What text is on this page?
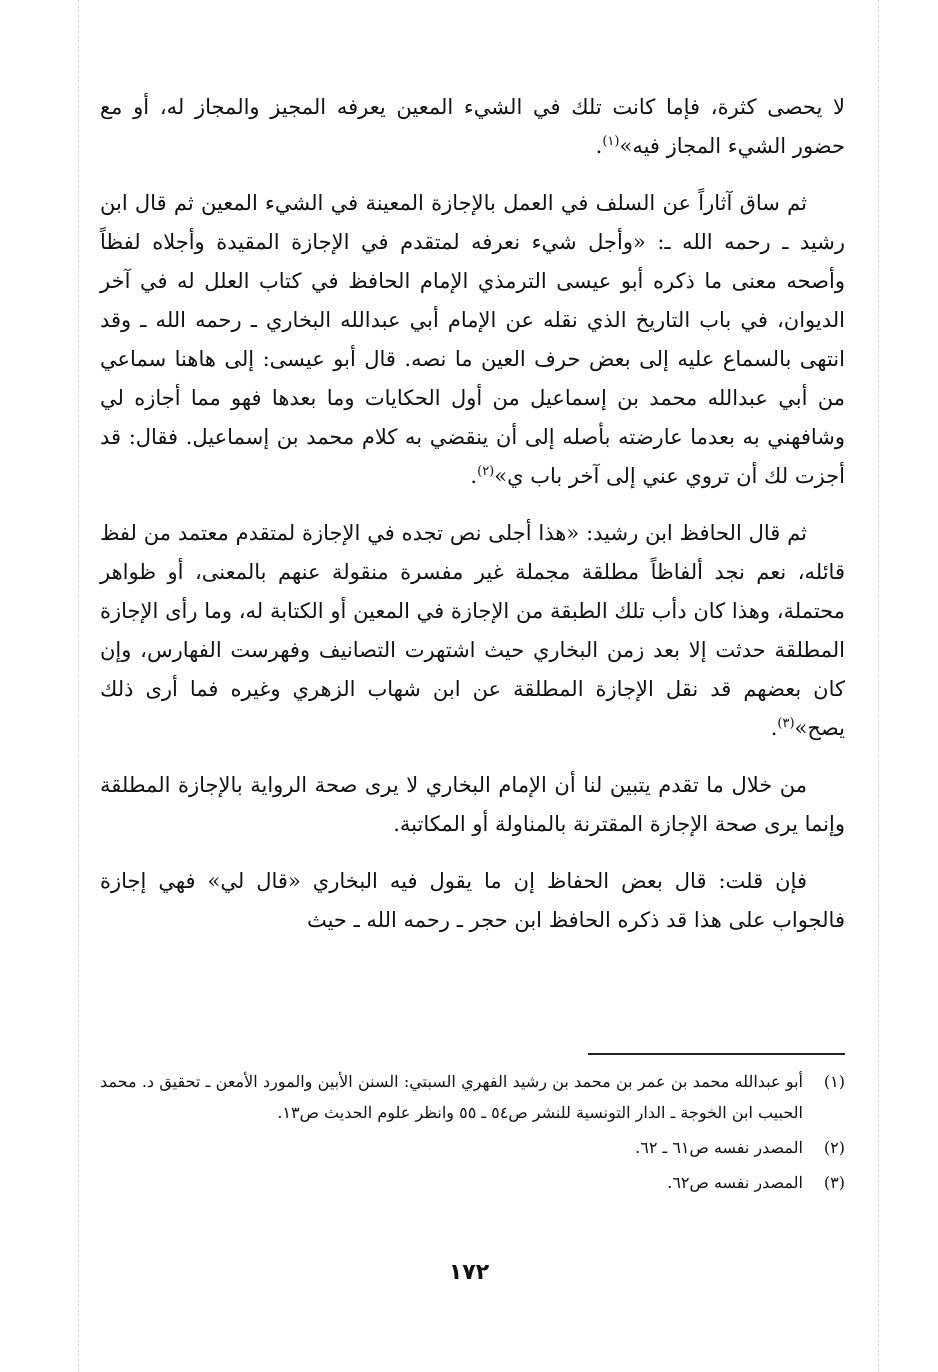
لا يحصى كثرة، فإما كانت تلك في الشيء المعين يعرفه المجيز والمجاز له، أو مع حضور الشيء المجاز فيه»$^{(١)}$.

ثم ساق آثاراً عن السلف في العمل بالإجازة المعينة في الشيء المعين ثم قال ابن رشيد ـ رحمه الله ـ: «وأجل شيء نعرفه لمتقدم في الإجازة المقيدة وأجلاه لفظاً وأصحه معنى ما ذكره أبو عيسى الترمذي الإمام الحافظ في كتاب العلل له في آخر الديوان، في باب التاريخ الذي نقله عن الإمام أبي عبدالله البخاري ـ رحمه الله ـ وقد انتهى بالسماع عليه إلى بعض حرف العين ما نصه. قال أبو عيسى: إلى هاهنا سماعي من أبي عبدالله محمد بن إسماعيل من أول الحكايات وما بعدها فهو مما أجازه لي وشافهني به بعدما عارضته بأصله إلى أن ينقضي به كلام محمد بن إسماعيل. فقال: قد أجزت لك أن تروي عني إلى آخر باب ي»$^{(٢)}$.

ثم قال الحافظ ابن رشيد: «هذا أجلى نص تجده في الإجازة لمتقدم معتمد من لفظ قائله، نعم نجد ألفاظاً مطلقة مجملة غير مفسرة منقولة عنهم بالمعنى، أو ظواهر محتملة، وهذا كان دأب تلك الطبقة من الإجازة في المعين أو الكتابة له، وما رأى الإجازة المطلقة حدثت إلا بعد زمن البخاري حيث اشتهرت التصانيف وفهرست الفهارس، وإن كان بعضهم قد نقل الإجازة المطلقة عن ابن شهاب الزهري وغيره فما أرى ذلك يصح»$^{(٣)}$.

من خلال ما تقدم يتبين لنا أن الإمام البخاري لا يرى صحة الرواية بالإجازة المطلقة وإنما يرى صحة الإجازة المقترنة بالمناولة أو المكاتبة.

فإن قلت: قال بعض الحفاظ إن ما يقول فيه البخاري «قال لي» فهي إجازة فالجواب على هذا قد ذكره الحافظ ابن حجر ـ رحمه الله ـ حيث

(١)
أبو عبدالله محمد بن عمر بن محمد بن رشيد الفهري السبتي: السنن الأبين والمورد الأمعن ـ تحقيق د. محمد الحبيب ابن الخوجة ـ الدار التونسية للنشر ص٥٤ ـ ٥٥ وانظر علوم الحديث ص١٣.
(٢)
المصدر نفسه ص٦١ ـ ٦٢.
(٣)
المصدر نفسه ص٦٢.
١٧٢
